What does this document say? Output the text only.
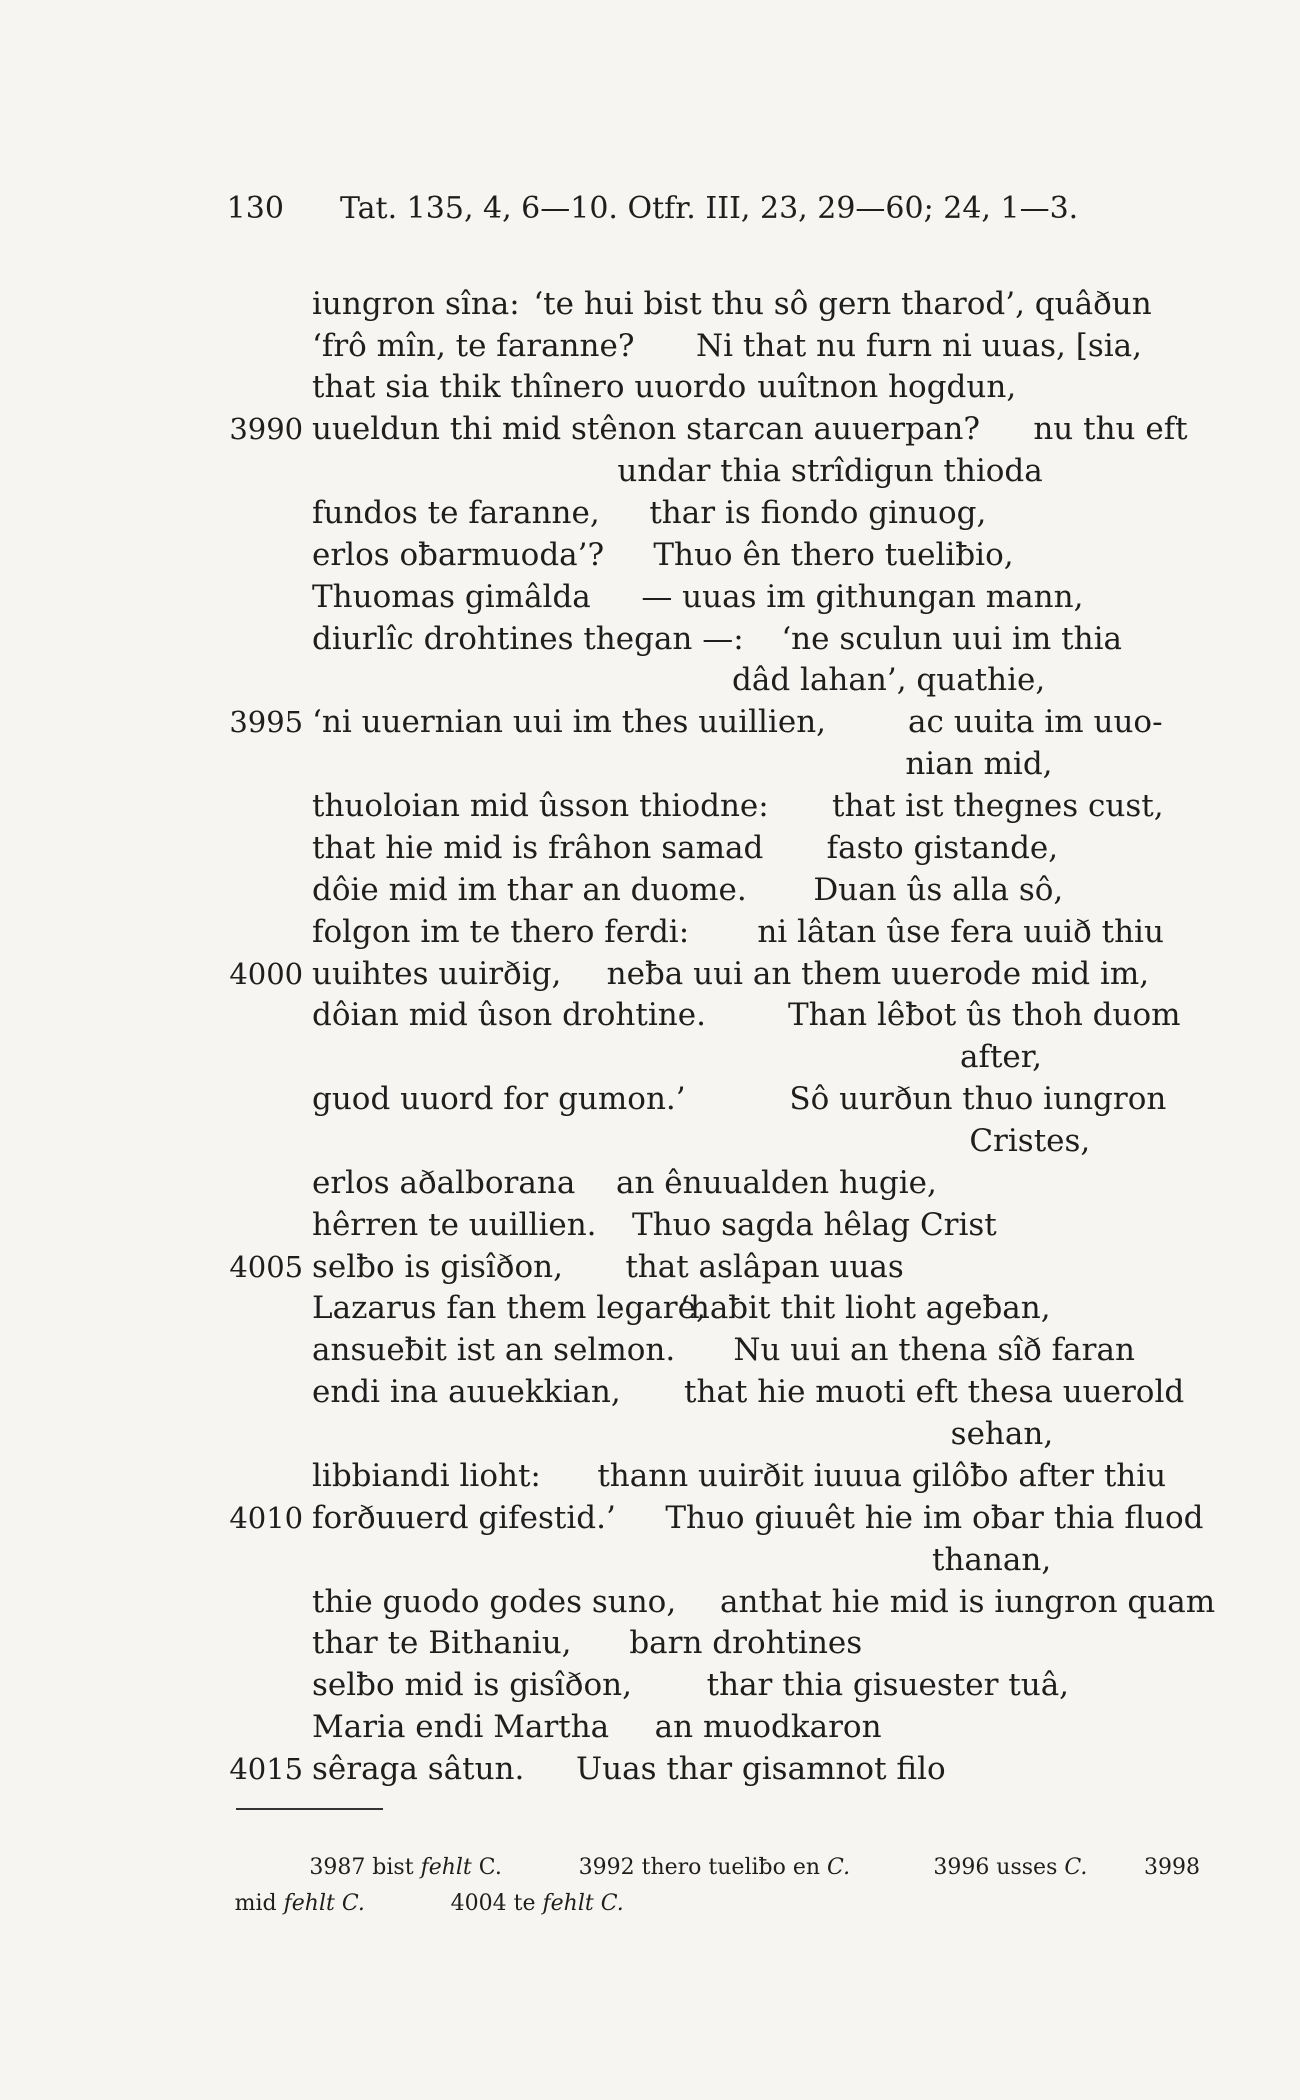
130 Tat. 135, 4, 6—10. Otfr. III, 23, 29—60; 24, 1—3.
iungron sîna: ‘te hui bist thu sô gern tharod’, quâðun
‘frô mîn, te faranne? Ni that nu furn ni uuas, [sia,
that sia thik thînero uuordo uuîtnon hogdun,
3990 uueldun thi mid stênon starcan auuerpan? nu thu eft
undar thia strîdigun thioda
fundos te faranne, thar is fiondo ginuog,
erlos oƀarmuoda’? Thuo ên thero tueliƀio,
Thuomas gimâlda — uuas im githungan mann,
diurlîc drohtines thegan —: ‘ne sculun uui im thia
dâd lahan’, quathie,
3995 ‘ni uuernian uui im thes uuillien,	ac uuita im uuo-
nian mid,
thuoloian mid ûsson thiodne: that ist thegnes cust,
that hie mid is frâhon samad fasto gistande,
dôie mid im thar an duome. Duan ûs alla sô,
folgon im te thero ferdi: ni lâtan ûse fera uuið thiu
4000 uuihtes uuirðig, neƀa uui an them uuerode mid im,
dôian mid ûson drohtine.	Than lêƀot ûs thoh duom
after,
guod uuord for gumon.’	Sô uurðun thuo iungron
Cristes,
erlos aðalborana an ênuualden hugie,
hêrren te uuillien. Thuo sagda hêlag Crist
4005 selƀo is gisîðon, that aslâpan uuas
Lazarus fan them legare,
‘haƀit thit lioht ageƀan,
ansueƀit ist an selmon. Nu uui an thena sîð faran
endi ina auuekkian, that hie muoti eft thesa uuerold
sehan,
libbiandi lioht: thann uuirðit iuuua gilôƀo after thiu
4010 forðuuerd gifestid.’ Thuo giuuêt hie im oƀar thia fluod
thanan,
thie guodo godes suno, anthat hie mid is iungron quam
thar te Bithaniu, barn drohtines
selƀo mid is gisîðon, thar thia gisuester tuâ,
Maria endi Martha an muodkaron
4015 sêraga sâtun. Uuas thar gisamnot filo
3987 bist fehlt C.	3992 thero tueliƀo en C.	3996 usses C.	3998
mid fehlt C.	4004 te fehlt C.
